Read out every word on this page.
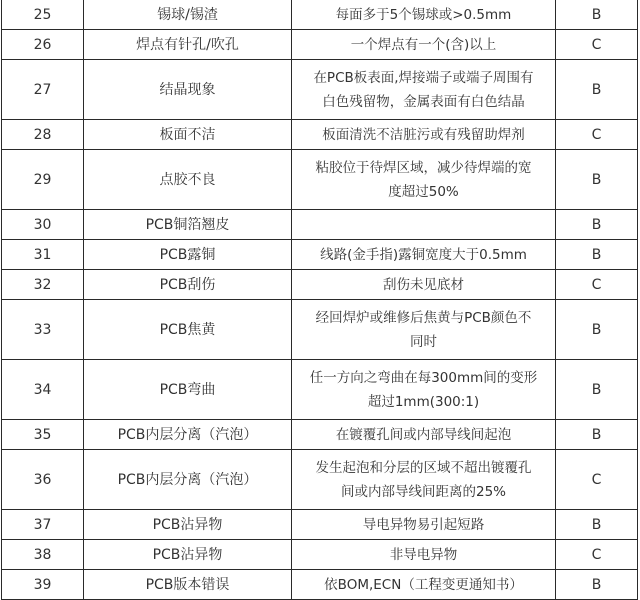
25	锡球/锡渣	每面多于5个锡球或>0.5mm	B
26	焊点有针孔/吹孔	一个焊点有一个(含)以上	C
27	结晶现象	在PCB板表面,焊接端子或端子周围有
白色残留物，金属表面有白色结晶	B
28	板面不洁	板面清洗不洁脏污或有残留助焊剂	C
29	点胶不良	粘胶位于待焊区域，减少待焊端的宽
度超过50%	B
30	PCB铜箔翘皮		B
31	PCB露铜	线路(金手指)露铜宽度大于0.5mm	B
32	PCB刮伤	刮伤未见底材	C
33	PCB焦黄	经回焊炉或维修后焦黄与PCB颜色不
同时	B
34	PCB弯曲	任一方向之弯曲在每300mm间的变形
超过1mm(300:1)	B
35	PCB内层分离（汽泡）	在镀覆孔间或内部导线间起泡	B
36	PCB内层分离（汽泡）	发生起泡和分层的区域不超出镀覆孔
间或内部导线间距离的25%	C
37	PCB沾异物	导电异物易引起短路	B
38	PCB沾异物	非导电异物	C
39	PCB版本错误	依BOM,ECN（工程变更通知书）	B
